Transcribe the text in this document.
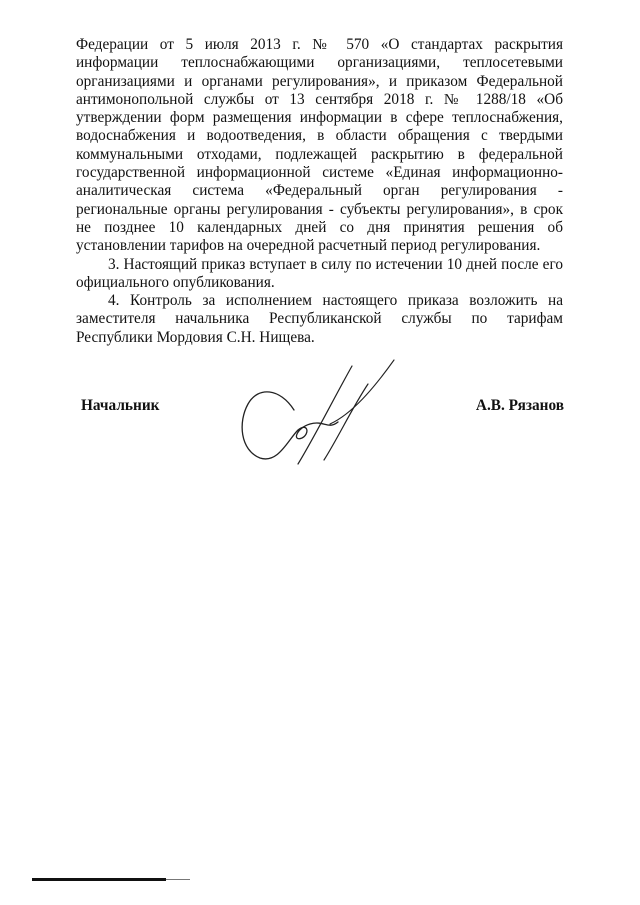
Федерации от 5 июля 2013 г. № 570 «О стандартах раскрытия информации теплоснабжающими организациями, теплосетевыми организациями и органами регулирования», и приказом Федеральной антимонопольной службы от 13 сентября 2018 г. № 1288/18 «Об утверждении форм размещения информации в сфере теплоснабжения, водоснабжения и водоотведения, в области обращения с твердыми коммунальными отходами, подлежащей раскрытию в федеральной государственной информационной системе «Единая информационно-аналитическая система «Федеральный орган регулирования - региональные органы регулирования - субъекты регулирования», в срок не позднее 10 календарных дней со дня принятия решения об установлении тарифов на очередной расчетный период регулирования.

3. Настоящий приказ вступает в силу по истечении 10 дней после его официального опубликования.

4. Контроль за исполнением настоящего приказа возложить на заместителя начальника Республиканской службы по тарифам Республики Мордовия С.Н. Нищева.

Начальник	А.В. Рязанов
